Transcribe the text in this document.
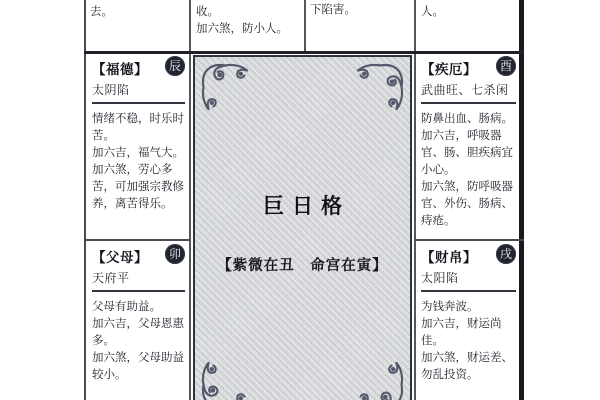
去。	收。
加六煞，防小人。
下陷害。	人。
【福德】	辰
太阴陷

情绪不稳，时乐时苦。

加六吉，福气大。

加六煞，劳心多苦，可加强宗教修养，离苦得乐。

【父母】	卯
天府平

父母有助益。

加六吉，父母恩惠多。

加六煞，父母助益较小。

【疾厄】	酉
武曲旺、七杀闲

防鼻出血、肠病。

加六吉，呼吸器官、肠、胆疾病宜小心。

加六煞，防呼吸器官、外伤、肠病、痔疮。

【财帛】	戌
太阳陷

为钱奔波。

加六吉，财运尚佳。

加六煞，财运差、勿乱投资。

巨日格
【紫微在丑　命宫在寅】
